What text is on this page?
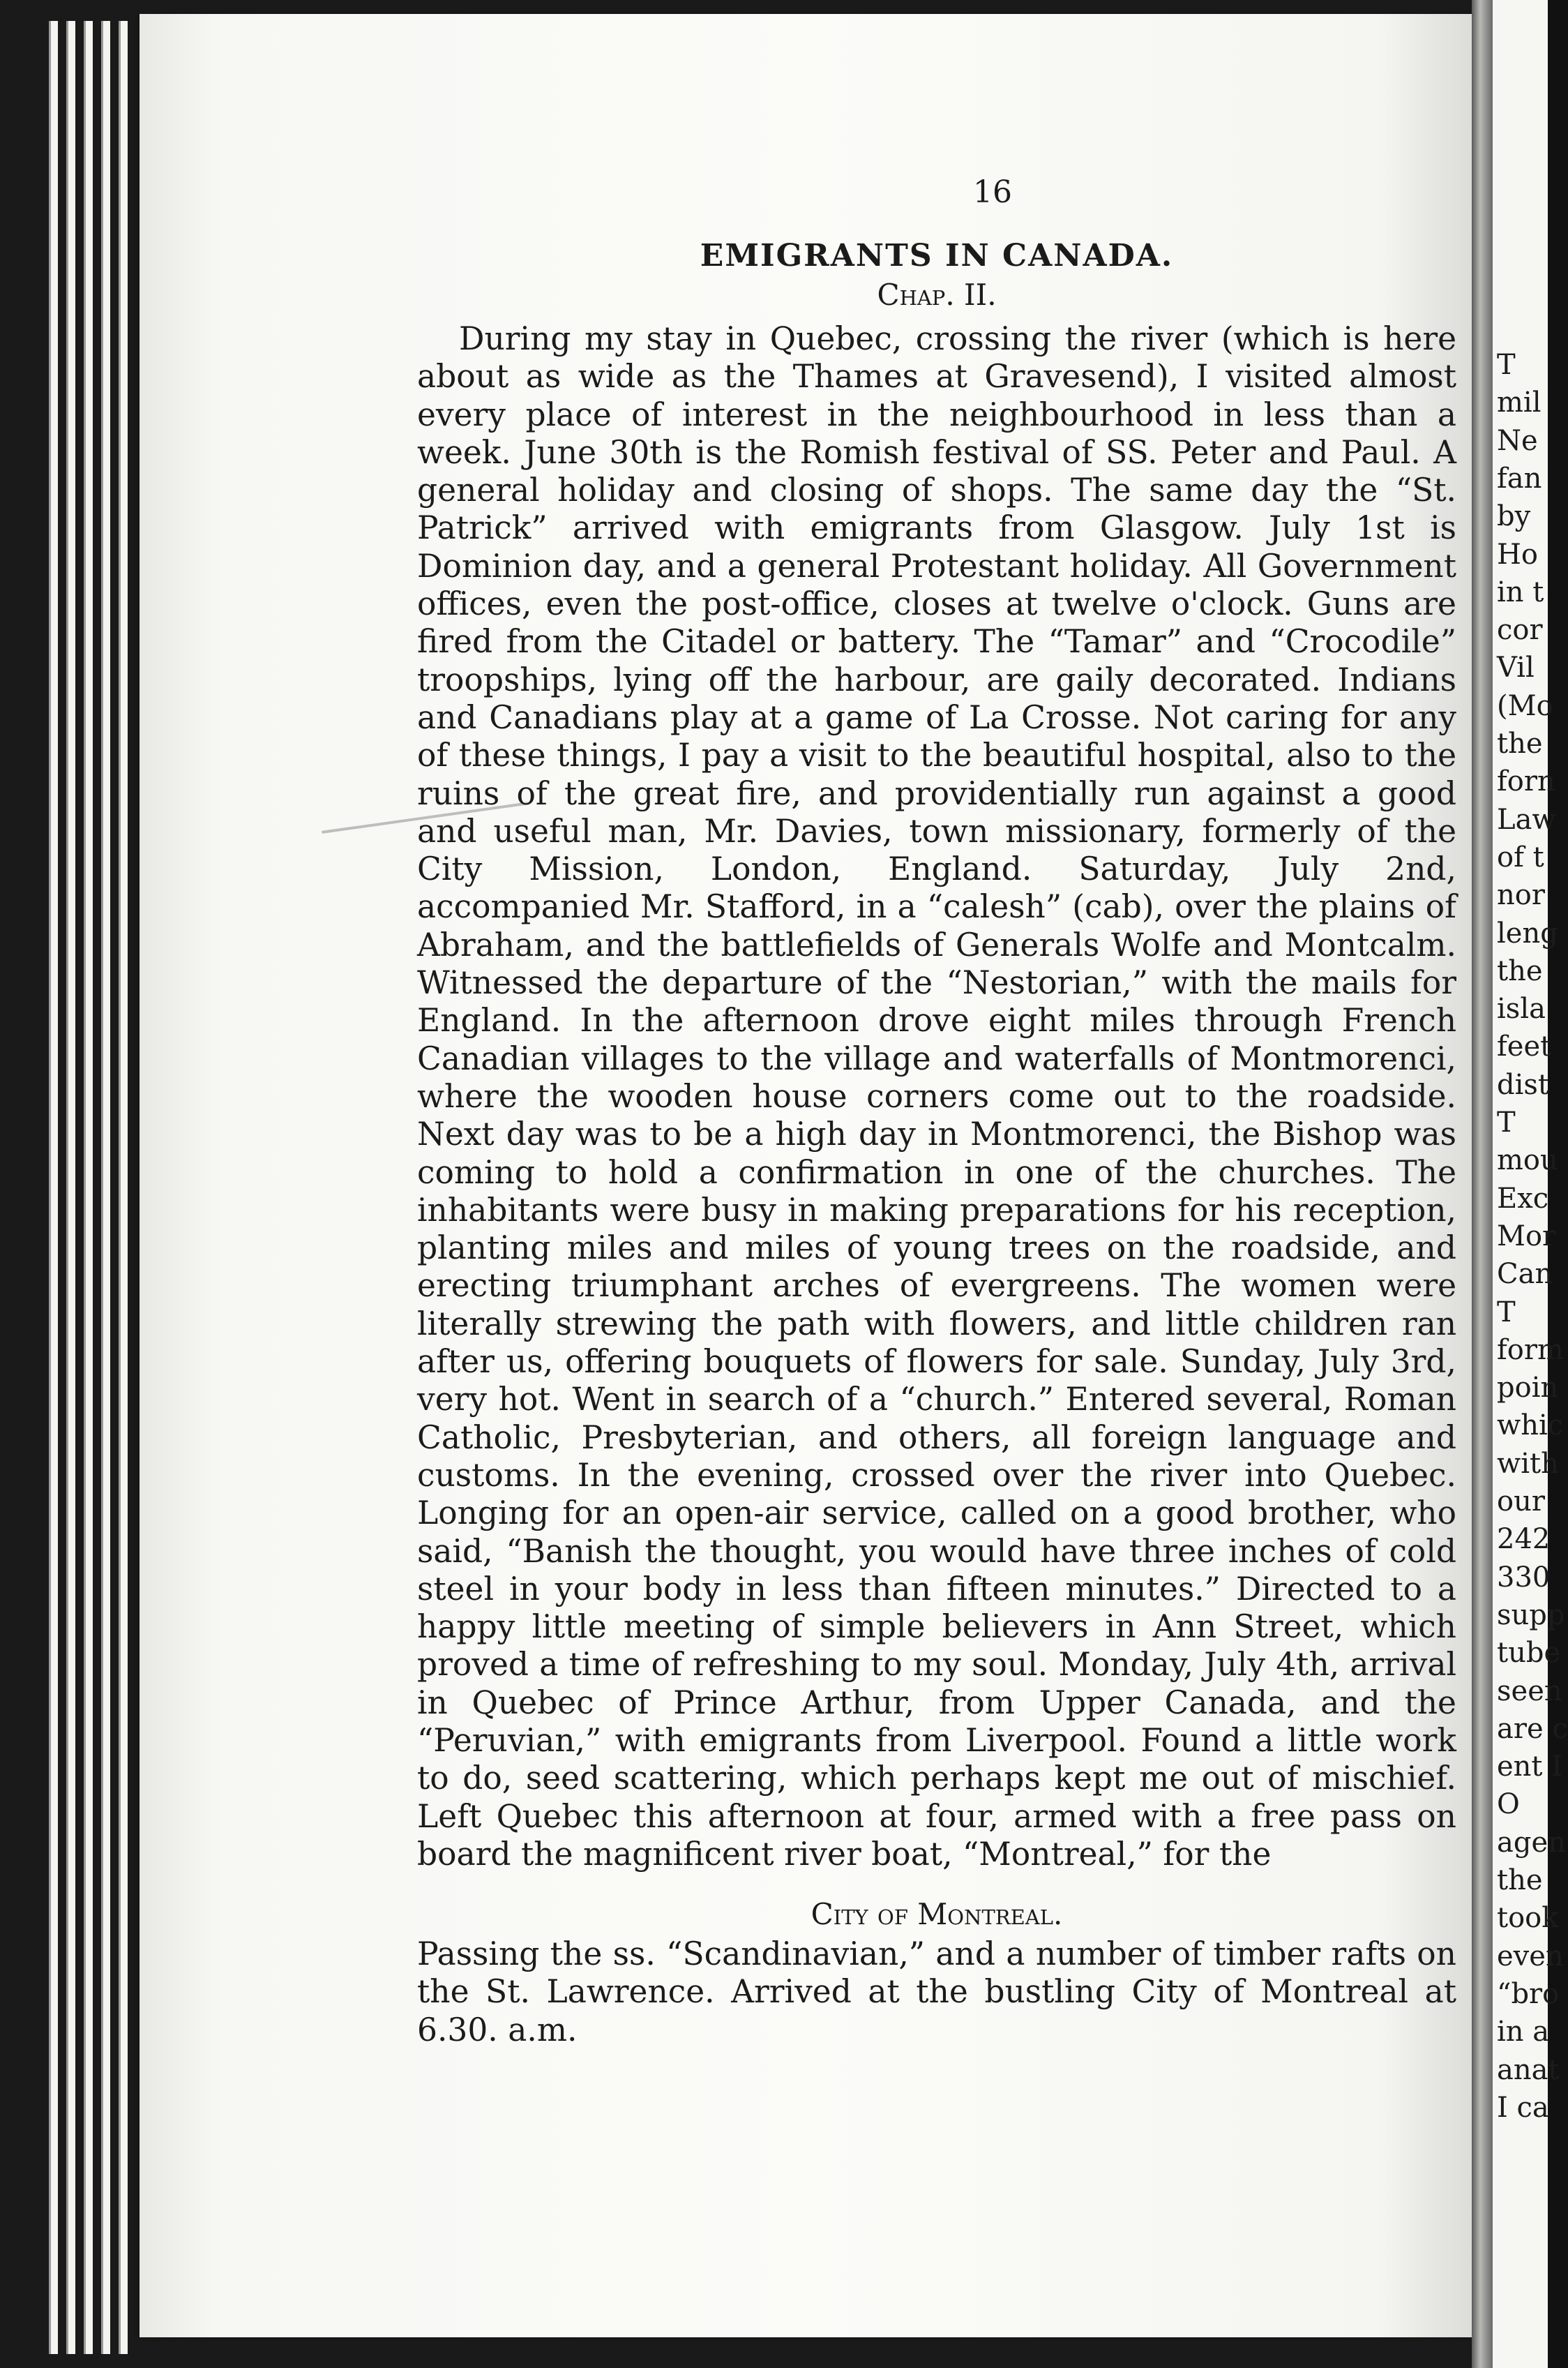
16
EMIGRANTS IN CANADA.
Chap. II.

During my stay in Quebec, crossing the river (which is here about as wide as the Thames at Gravesend), I visited almost every place of interest in the neighbourhood in less than a week. June 30th is the Romish festival of SS. Peter and Paul. A general holiday and closing of shops. The same day the “St. Patrick” arrived with emigrants from Glasgow. July 1st is Dominion day, and a general Protestant holiday. All Government offices, even the post-office, closes at twelve o'clock. Guns are fired from the Citadel or battery. The “Tamar” and “Crocodile” troopships, lying off the harbour, are gaily decorated. Indians and Canadians play at a game of La Crosse. Not caring for any of these things, I pay a visit to the beautiful hospital, also to the ruins of the great fire, and providentially run against a good and useful man, Mr. Davies, town missionary, formerly of the City Mission, London, England. Saturday, July 2nd, accompanied Mr. Stafford, in a “calesh” (cab), over the plains of Abraham, and the battlefields of Generals Wolfe and Montcalm. Witnessed the departure of the “Nestorian,” with the mails for England. In the afternoon drove eight miles through French Canadian villages to the village and waterfalls of Montmorenci, where the wooden house corners come out to the roadside. Next day was to be a high day in Montmorenci, the Bishop was coming to hold a confirmation in one of the churches. The inhabitants were busy in making preparations for his reception, planting miles and miles of young trees on the roadside, and erecting triumphant arches of evergreens. The women were literally strewing the path with flowers, and little children ran after us, offering bouquets of flowers for sale. Sunday, July 3rd, very hot. Went in search of a “church.” Entered several, Roman Catholic, Presbyterian, and others, all foreign language and customs. In the evening, crossed over the river into Quebec. Longing for an open-air service, called on a good brother, who said, “Banish the thought, you would have three inches of cold steel in your body in less than fifteen minutes.” Directed to a happy little meeting of simple believers in Ann Street, which proved a time of refreshing to my soul. Monday, July 4th, arrival in Quebec of Prince Arthur, from Upper Canada, and the “Peruvian,” with emigrants from Liverpool. Found a little work to do, seed scattering, which perhaps kept me out of mischief. Left Quebec this afternoon at four, armed with a free pass on board the magnificent river boat, “Montreal,” for the

City of Montreal.

Passing the ss. “Scandinavian,” and a number of timber rafts on the St. Lawrence. Arrived at the bustling City of Montreal at 6.30. a.m.

T
mil
Ne
fan
by
Ho
in t
cor
Vil
(Mo
the
forn
Law
of t
nor
leng
the
isla
feet
dist
T
mou
Exc
Mor
Can
T
form
poin
whic
with
our
242
330
supp
tube
seen
are c
ent I
O
agen
the
took
even
“bro
in a
anat
I ca
